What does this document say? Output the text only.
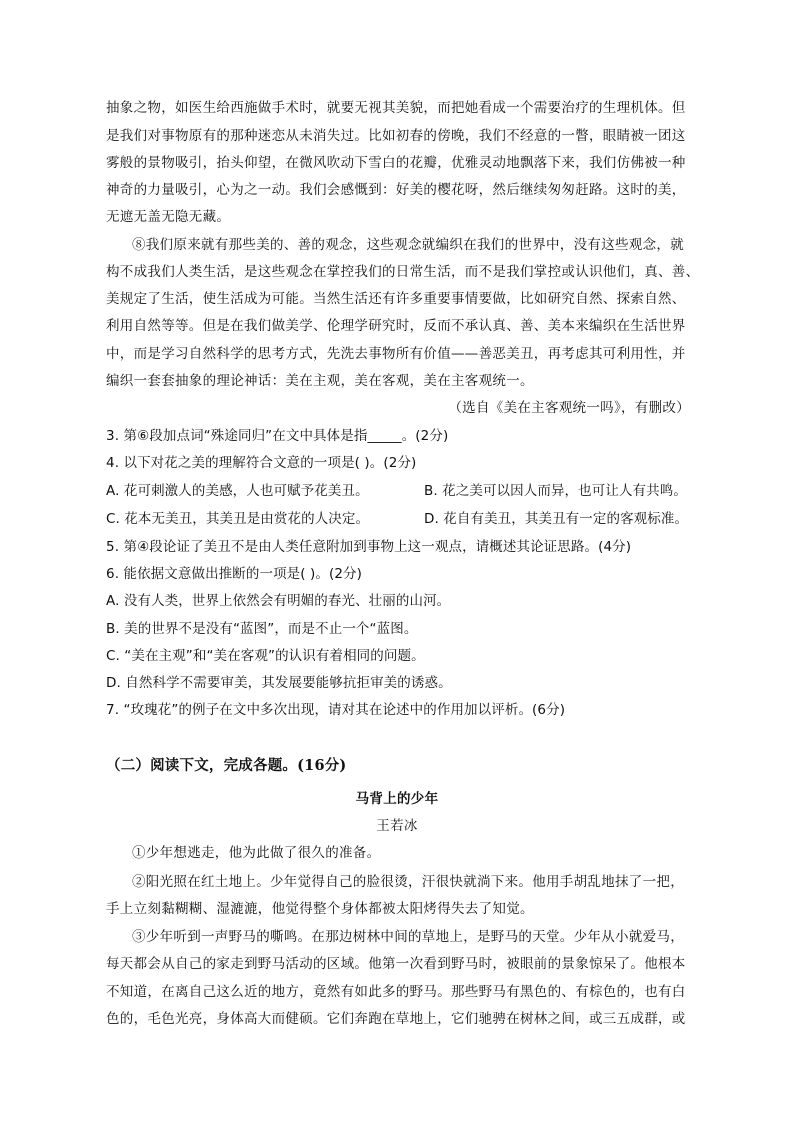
抽象之物，如医生给西施做手术时，就要无视其美貌，而把她看成一个需要治疗的生理机体。但
是我们对事物原有的那种迷恋从未消失过。比如初春的傍晚，我们不经意的一瞥，眼睛被一团这
雾般的景物吸引，抬头仰望，在微风吹动下雪白的花瓣，优雅灵动地飘落下来，我们仿佛被一种
神奇的力量吸引，心为之一动。我们会感慨到：好美的樱花呀，然后继续匆匆赶路。这时的美，
无遮无盖无隐无藏。
⑧我们原来就有那些美的、善的观念，这些观念就编织在我们的世界中，没有这些观念，就
构不成我们人类生活，是这些观念在掌控我们的日常生活，而不是我们掌控或认识他们，真、善、
美规定了生活，使生活成为可能。当然生活还有许多重要事情要做，比如研究自然、探索自然、
利用自然等等。但是在我们做美学、伦理学研究时，反而不承认真、善、美本来编织在生活世界
中，而是学习自然科学的思考方式，先洗去事物所有价值——善恶美丑，再考虑其可利用性，并
编织一套套抽象的理论神话：美在主观，美在客观，美在主客观统一。
（选自《美在主客观统一吗》，有删改）
3. 第⑥段加点词“殊途同归”在文中具体是指_____。(2分)
4. 以下对花之美的理解符合文意的一项是( )。(2分)
A. 花可刺激人的美感，人也可赋予花美丑。	B. 花之美可以因人而异，也可让人有共鸣。
C. 花本无美丑，其美丑是由赏花的人决定。	D. 花自有美丑，其美丑有一定的客观标准。
5. 第④段论证了美丑不是由人类任意附加到事物上这一观点，请概述其论证思路。(4分)
6. 能依据文意做出推断的一项是( )。(2分)
A. 没有人类，世界上依然会有明媚的春光、壮丽的山河。
B. 美的世界不是没有“蓝图”，而是不止一个“蓝图。
C. “美在主观”和“美在客观”的认识有着相同的问题。
D. 自然科学不需要审美，其发展要能够抗拒审美的诱惑。
7. “玫瑰花”的例子在文中多次出现，请对其在论述中的作用加以评析。(6分)
（二）阅读下文，完成各题。(16分)
马背上的少年
王若冰
①少年想逃走，他为此做了很久的准备。
②阳光照在红土地上。少年觉得自己的脸很烫，汗很快就淌下来。他用手胡乱地抹了一把，
手上立刻黏糊糊、湿漉漉，他觉得整个身体都被太阳烤得失去了知觉。
③少年听到一声野马的嘶鸣。在那边树林中间的草地上，是野马的天堂。少年从小就爱马，
每天都会从自己的家走到野马活动的区域。他第一次看到野马时，被眼前的景象惊呆了。他根本
不知道，在离自己这么近的地方，竟然有如此多的野马。那些野马有黑色的、有棕色的，也有白
色的，毛色光亮，身体高大而健硕。它们奔跑在草地上，它们驰骋在树林之间，或三五成群，或
